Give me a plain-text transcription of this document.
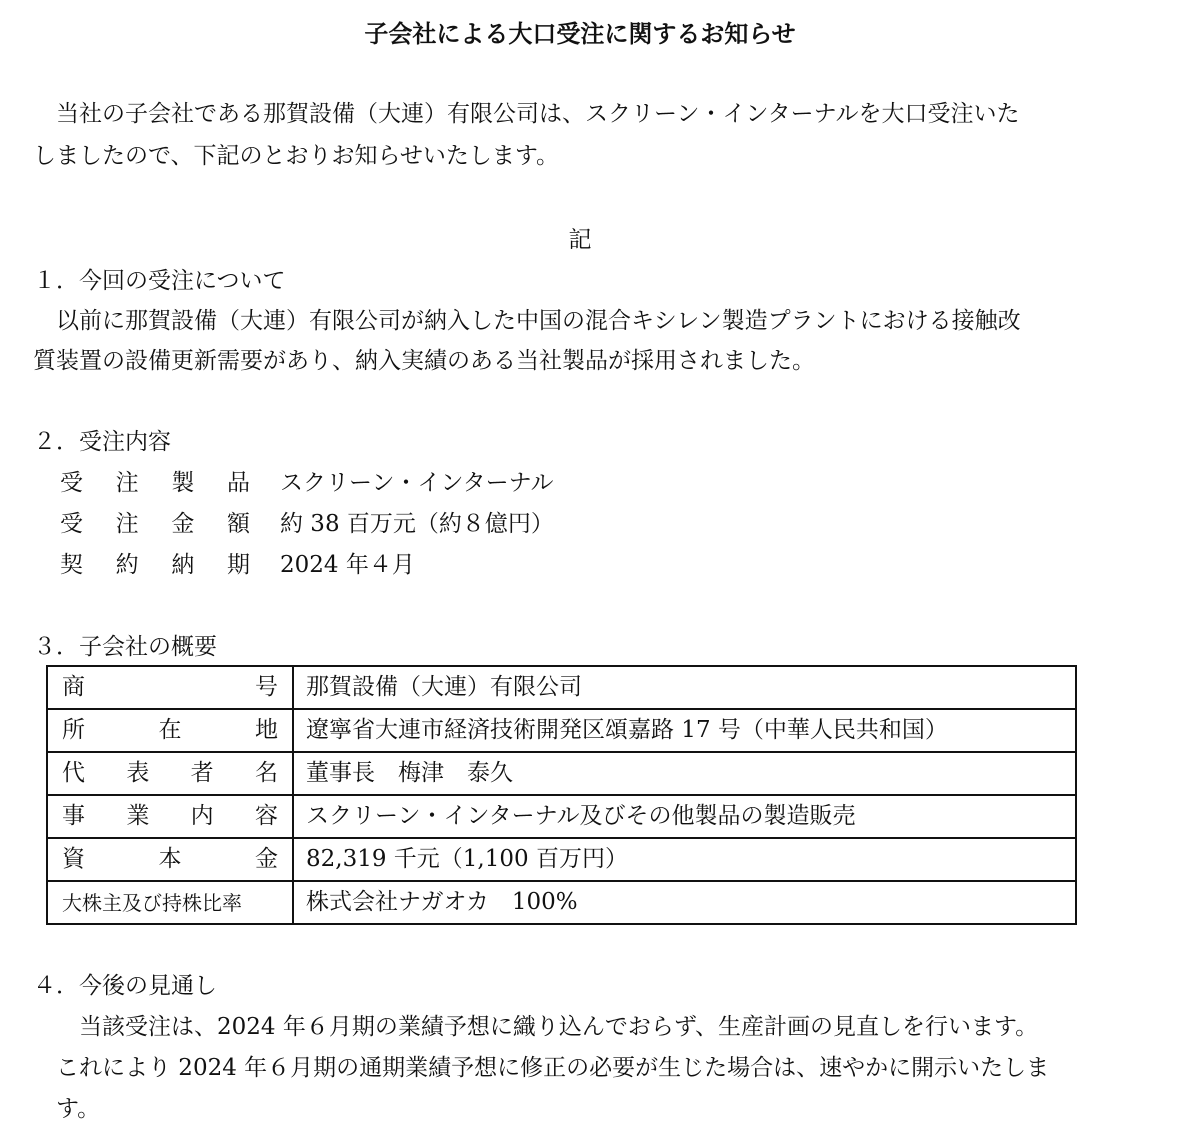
子会社による大口受注に関するお知らせ
当社の子会社である那賀設備（大連）有限公司は、スクリーン・インターナルを大口受注いた
しましたので、下記のとおりお知らせいたします。
記
１．今回の受注について
以前に那賀設備（大連）有限公司が納入した中国の混合キシレン製造プラントにおける接触改
質装置の設備更新需要があり、納入実績のある当社製品が採用されました。
２．受注内容
受 注 製 品 スクリーン・インターナル
受 注 金 額 約 38 百万元（約８億円）
契 約 納 期 2024 年４月
３．子会社の概要
商 号	那賀設備（大連）有限公司

所 在 地	遼寧省大連市経済技術開発区頌嘉路 17 号（中華人民共和国）

代 表 者 名	董事長　梅津　泰久

事 業 内 容	スクリーン・インターナル及びその他製品の製造販売

資 本 金	82,319 千元（1,100 百万円）
大株主及び持株比率	株式会社ナガオカ　100%
４．今後の見通し
当該受注は、2024 年６月期の業績予想に織り込んでおらず、生産計画の見直しを行います。
これにより 2024 年６月期の通期業績予想に修正の必要が生じた場合は、速やかに開示いたしま
す。
